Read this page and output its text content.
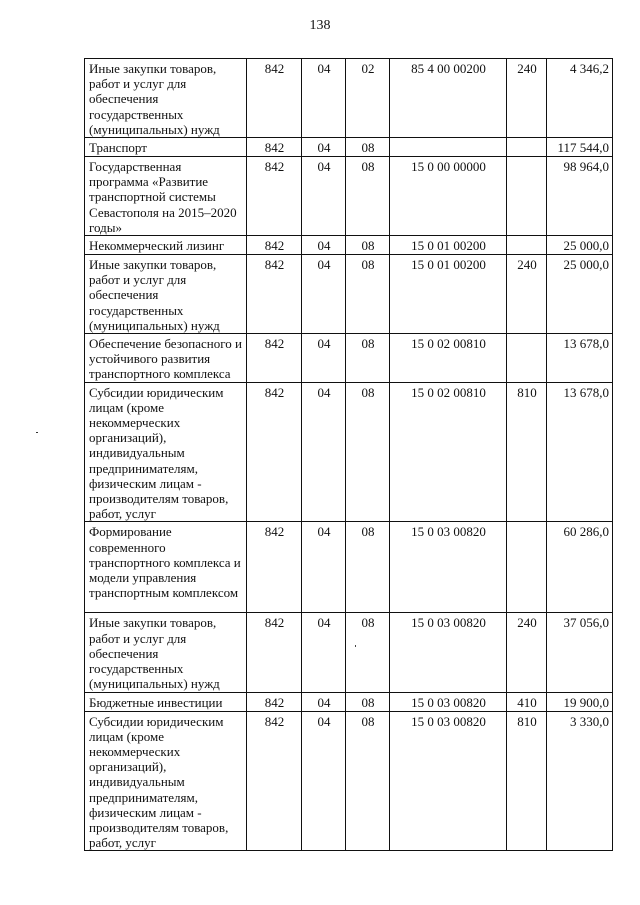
138
Иные закупки товаров, работ и услуг для обеспечения государственных (муниципальных) нужд	842	04	02	85 4 00 00200	240	4 346,2
Транспорт	842	04	08			117 544,0
Государственная программа «Развитие транспортной системы Севастополя на 2015–2020 годы»	842	04	08	15 0 00 00000		98 964,0
Некоммерческий лизинг	842	04	08	15 0 01 00200		25 000,0
Иные закупки товаров, работ и услуг для обеспечения государственных (муниципальных) нужд	842	04	08	15 0 01 00200	240	25 000,0
Обеспечение безопасного и устойчивого развития транспортного комплекса	842	04	08	15 0 02 00810		13 678,0
Субсидии юридическим лицам (кроме некоммерческих организаций), индивидуальным предпринимателям, физическим лицам - производителям товаров, работ, услуг	842	04	08	15 0 02 00810	810	13 678,0
Формирование современного транспортного комплекса и модели управления транспортным комплексом	842	04	08	15 0 03 00820		60 286,0
Иные закупки товаров, работ и услуг для обеспечения государственных (муниципальных) нужд	842	04	08	15 0 03 00820	240	37 056,0
Бюджетные инвестиции	842	04	08	15 0 03 00820	410	19 900,0
Субсидии юридическим лицам (кроме некоммерческих организаций), индивидуальным предпринимателям, физическим лицам - производителям товаров, работ, услуг	842	04	08	15 0 03 00820	810	3 330,0
